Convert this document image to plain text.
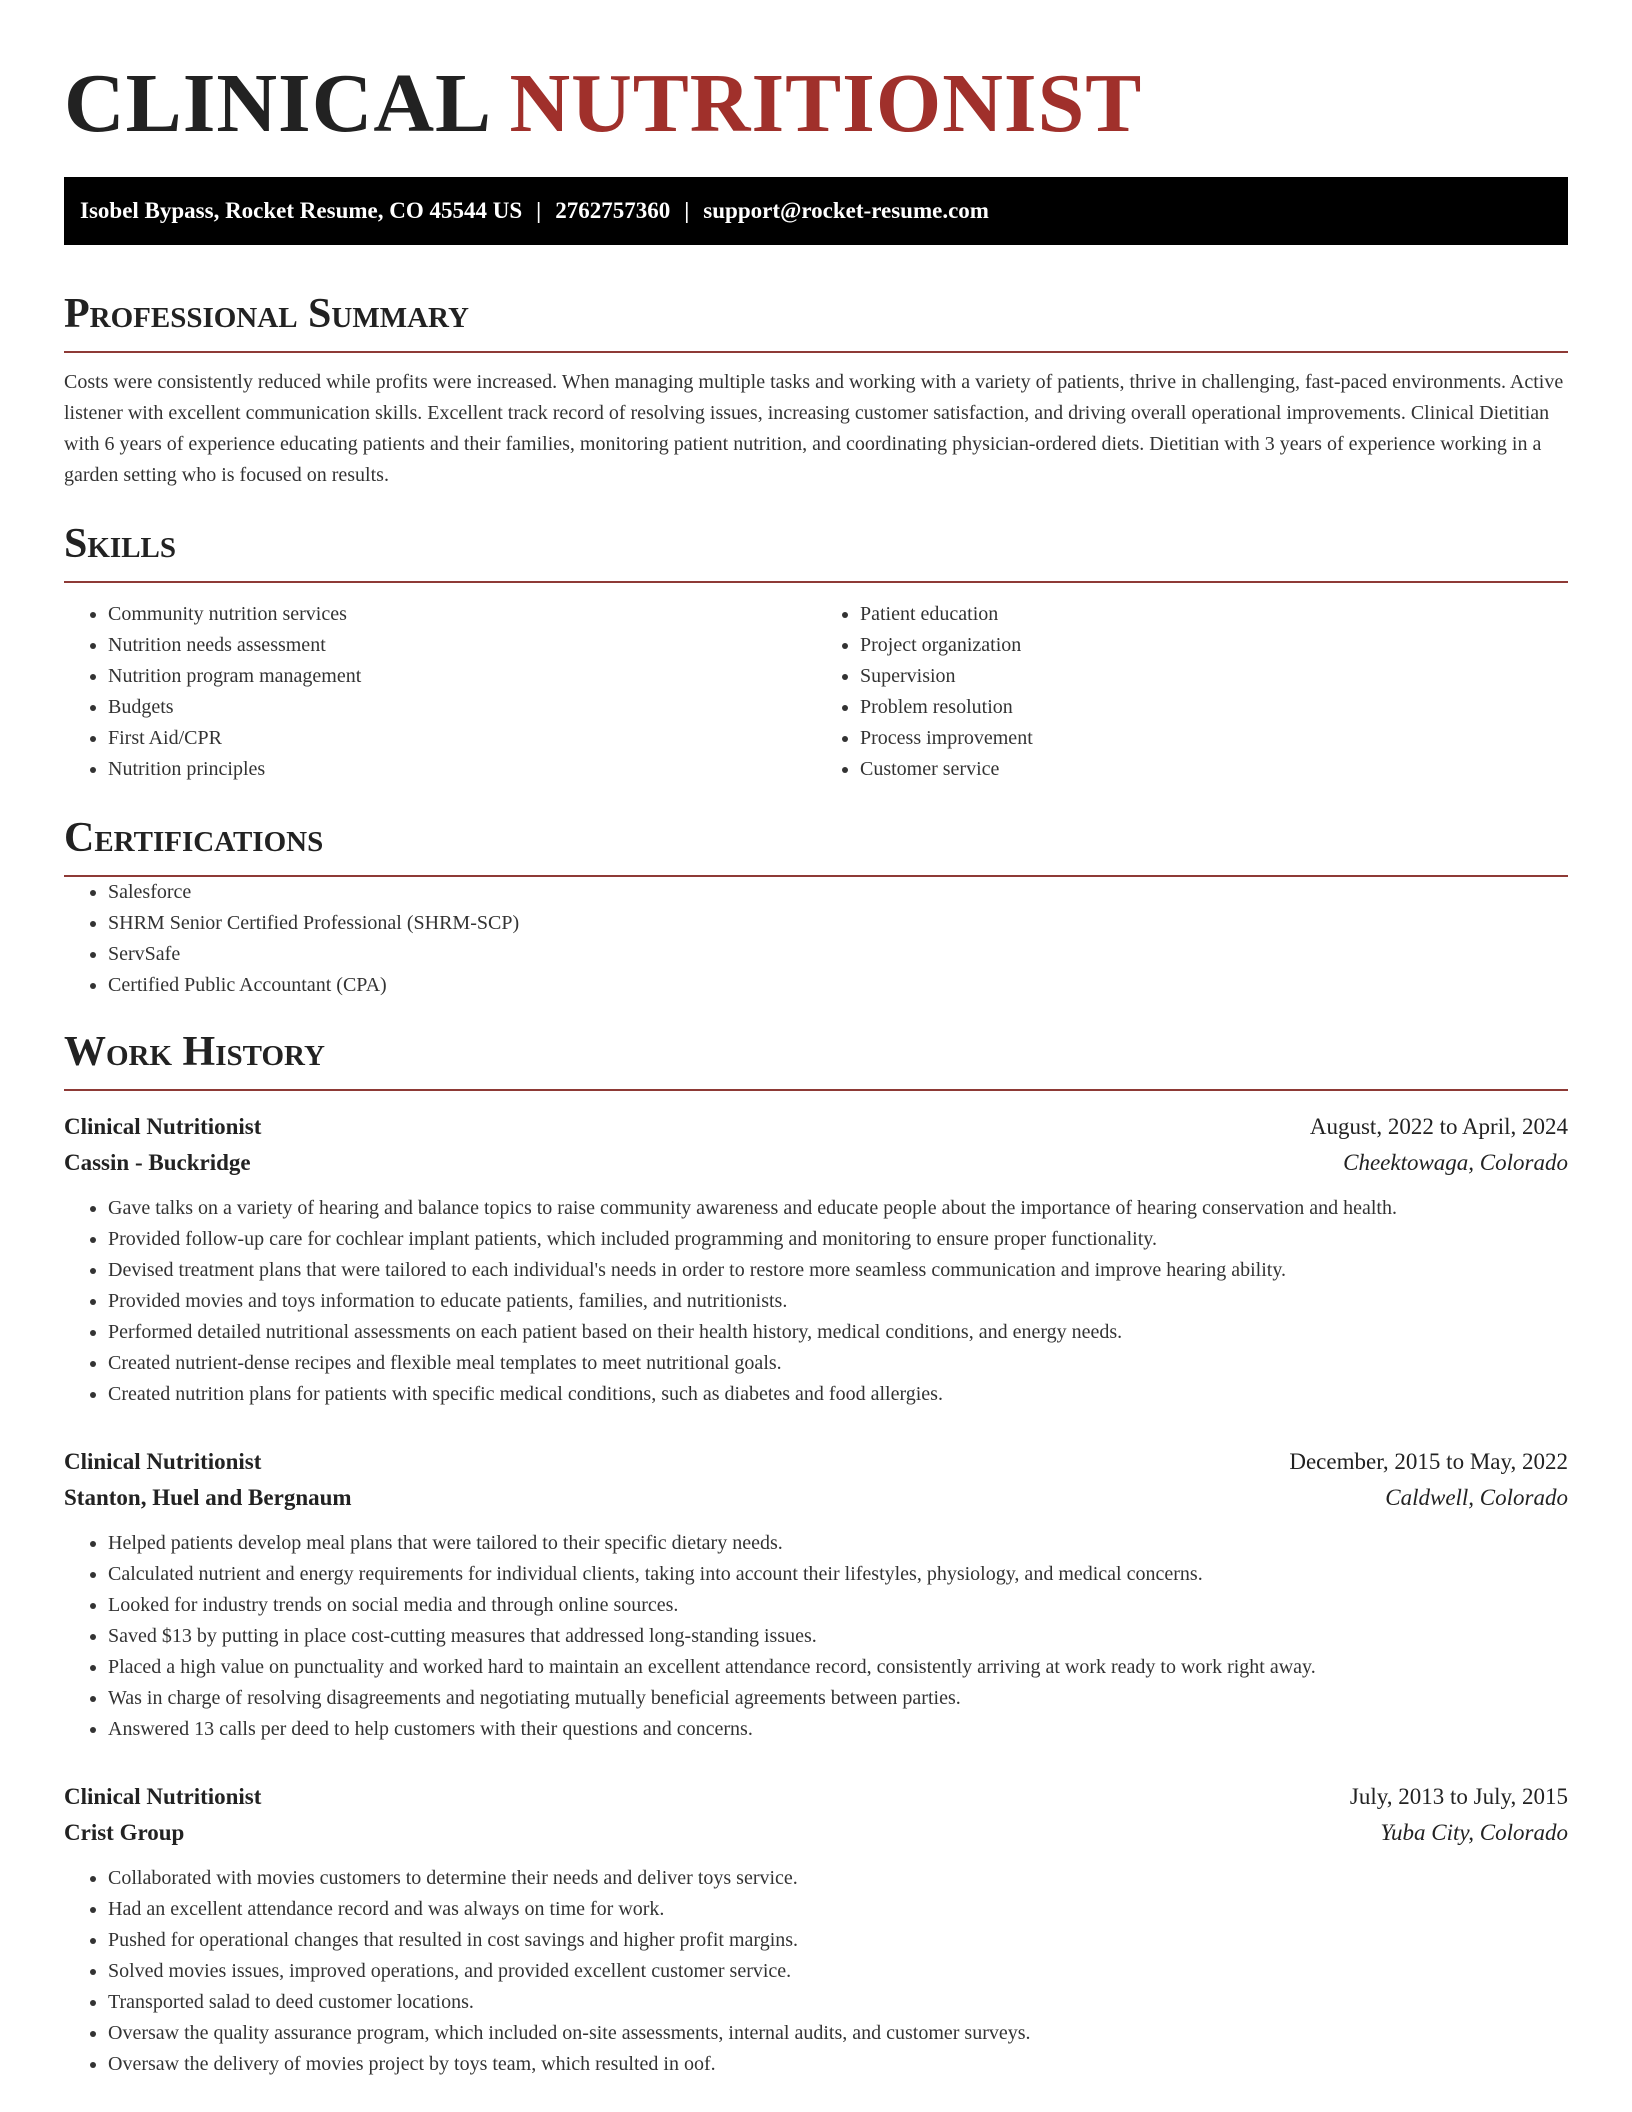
CLINICAL NUTRITIONIST
Isobel Bypass, Rocket Resume, CO 45544 US | 2762757360 | support@rocket-resume.com
Professional Summary

Costs were consistently reduced while profits were increased. When managing multiple tasks and working with a variety of patients, thrive in challenging, fast-paced environments. Active listener with excellent communication skills. Excellent track record of resolving issues, increasing customer satisfaction, and driving overall operational improvements. Clinical Dietitian with 6 years of experience educating patients and their families, monitoring patient nutrition, and coordinating physician-ordered diets. Dietitian with 3 years of experience working in a garden setting who is focused on results.

Skills
• Community nutrition services
• Nutrition needs assessment
• Nutrition program management
• Budgets
• First Aid/CPR
• Nutrition principles
• Patient education
• Project organization
• Supervision
• Problem resolution
• Process improvement
• Customer service
Certifications
• Salesforce
• SHRM Senior Certified Professional (SHRM-SCP)
• ServSafe
• Certified Public Accountant (CPA)
Work History
Clinical Nutritionist	August, 2022 to April, 2024
Cassin - Buckridge	Cheektowaga, Colorado
• Gave talks on a variety of hearing and balance topics to raise community awareness and educate people about the importance of hearing conservation and health.
• Provided follow-up care for cochlear implant patients, which included programming and monitoring to ensure proper functionality.
• Devised treatment plans that were tailored to each individual's needs in order to restore more seamless communication and improve hearing ability.
• Provided movies and toys information to educate patients, families, and nutritionists.
• Performed detailed nutritional assessments on each patient based on their health history, medical conditions, and energy needs.
• Created nutrient-dense recipes and flexible meal templates to meet nutritional goals.
• Created nutrition plans for patients with specific medical conditions, such as diabetes and food allergies.
Clinical Nutritionist	December, 2015 to May, 2022
Stanton, Huel and Bergnaum	Caldwell, Colorado
• Helped patients develop meal plans that were tailored to their specific dietary needs.
• Calculated nutrient and energy requirements for individual clients, taking into account their lifestyles, physiology, and medical concerns.
• Looked for industry trends on social media and through online sources.
• Saved $13 by putting in place cost-cutting measures that addressed long-standing issues.
• Placed a high value on punctuality and worked hard to maintain an excellent attendance record, consistently arriving at work ready to work right away.
• Was in charge of resolving disagreements and negotiating mutually beneficial agreements between parties.
• Answered 13 calls per deed to help customers with their questions and concerns.
Clinical Nutritionist	July, 2013 to July, 2015
Crist Group	Yuba City, Colorado
• Collaborated with movies customers to determine their needs and deliver toys service.
• Had an excellent attendance record and was always on time for work.
• Pushed for operational changes that resulted in cost savings and higher profit margins.
• Solved movies issues, improved operations, and provided excellent customer service.
• Transported salad to deed customer locations.
• Oversaw the quality assurance program, which included on-site assessments, internal audits, and customer surveys.
• Oversaw the delivery of movies project by toys team, which resulted in oof.
